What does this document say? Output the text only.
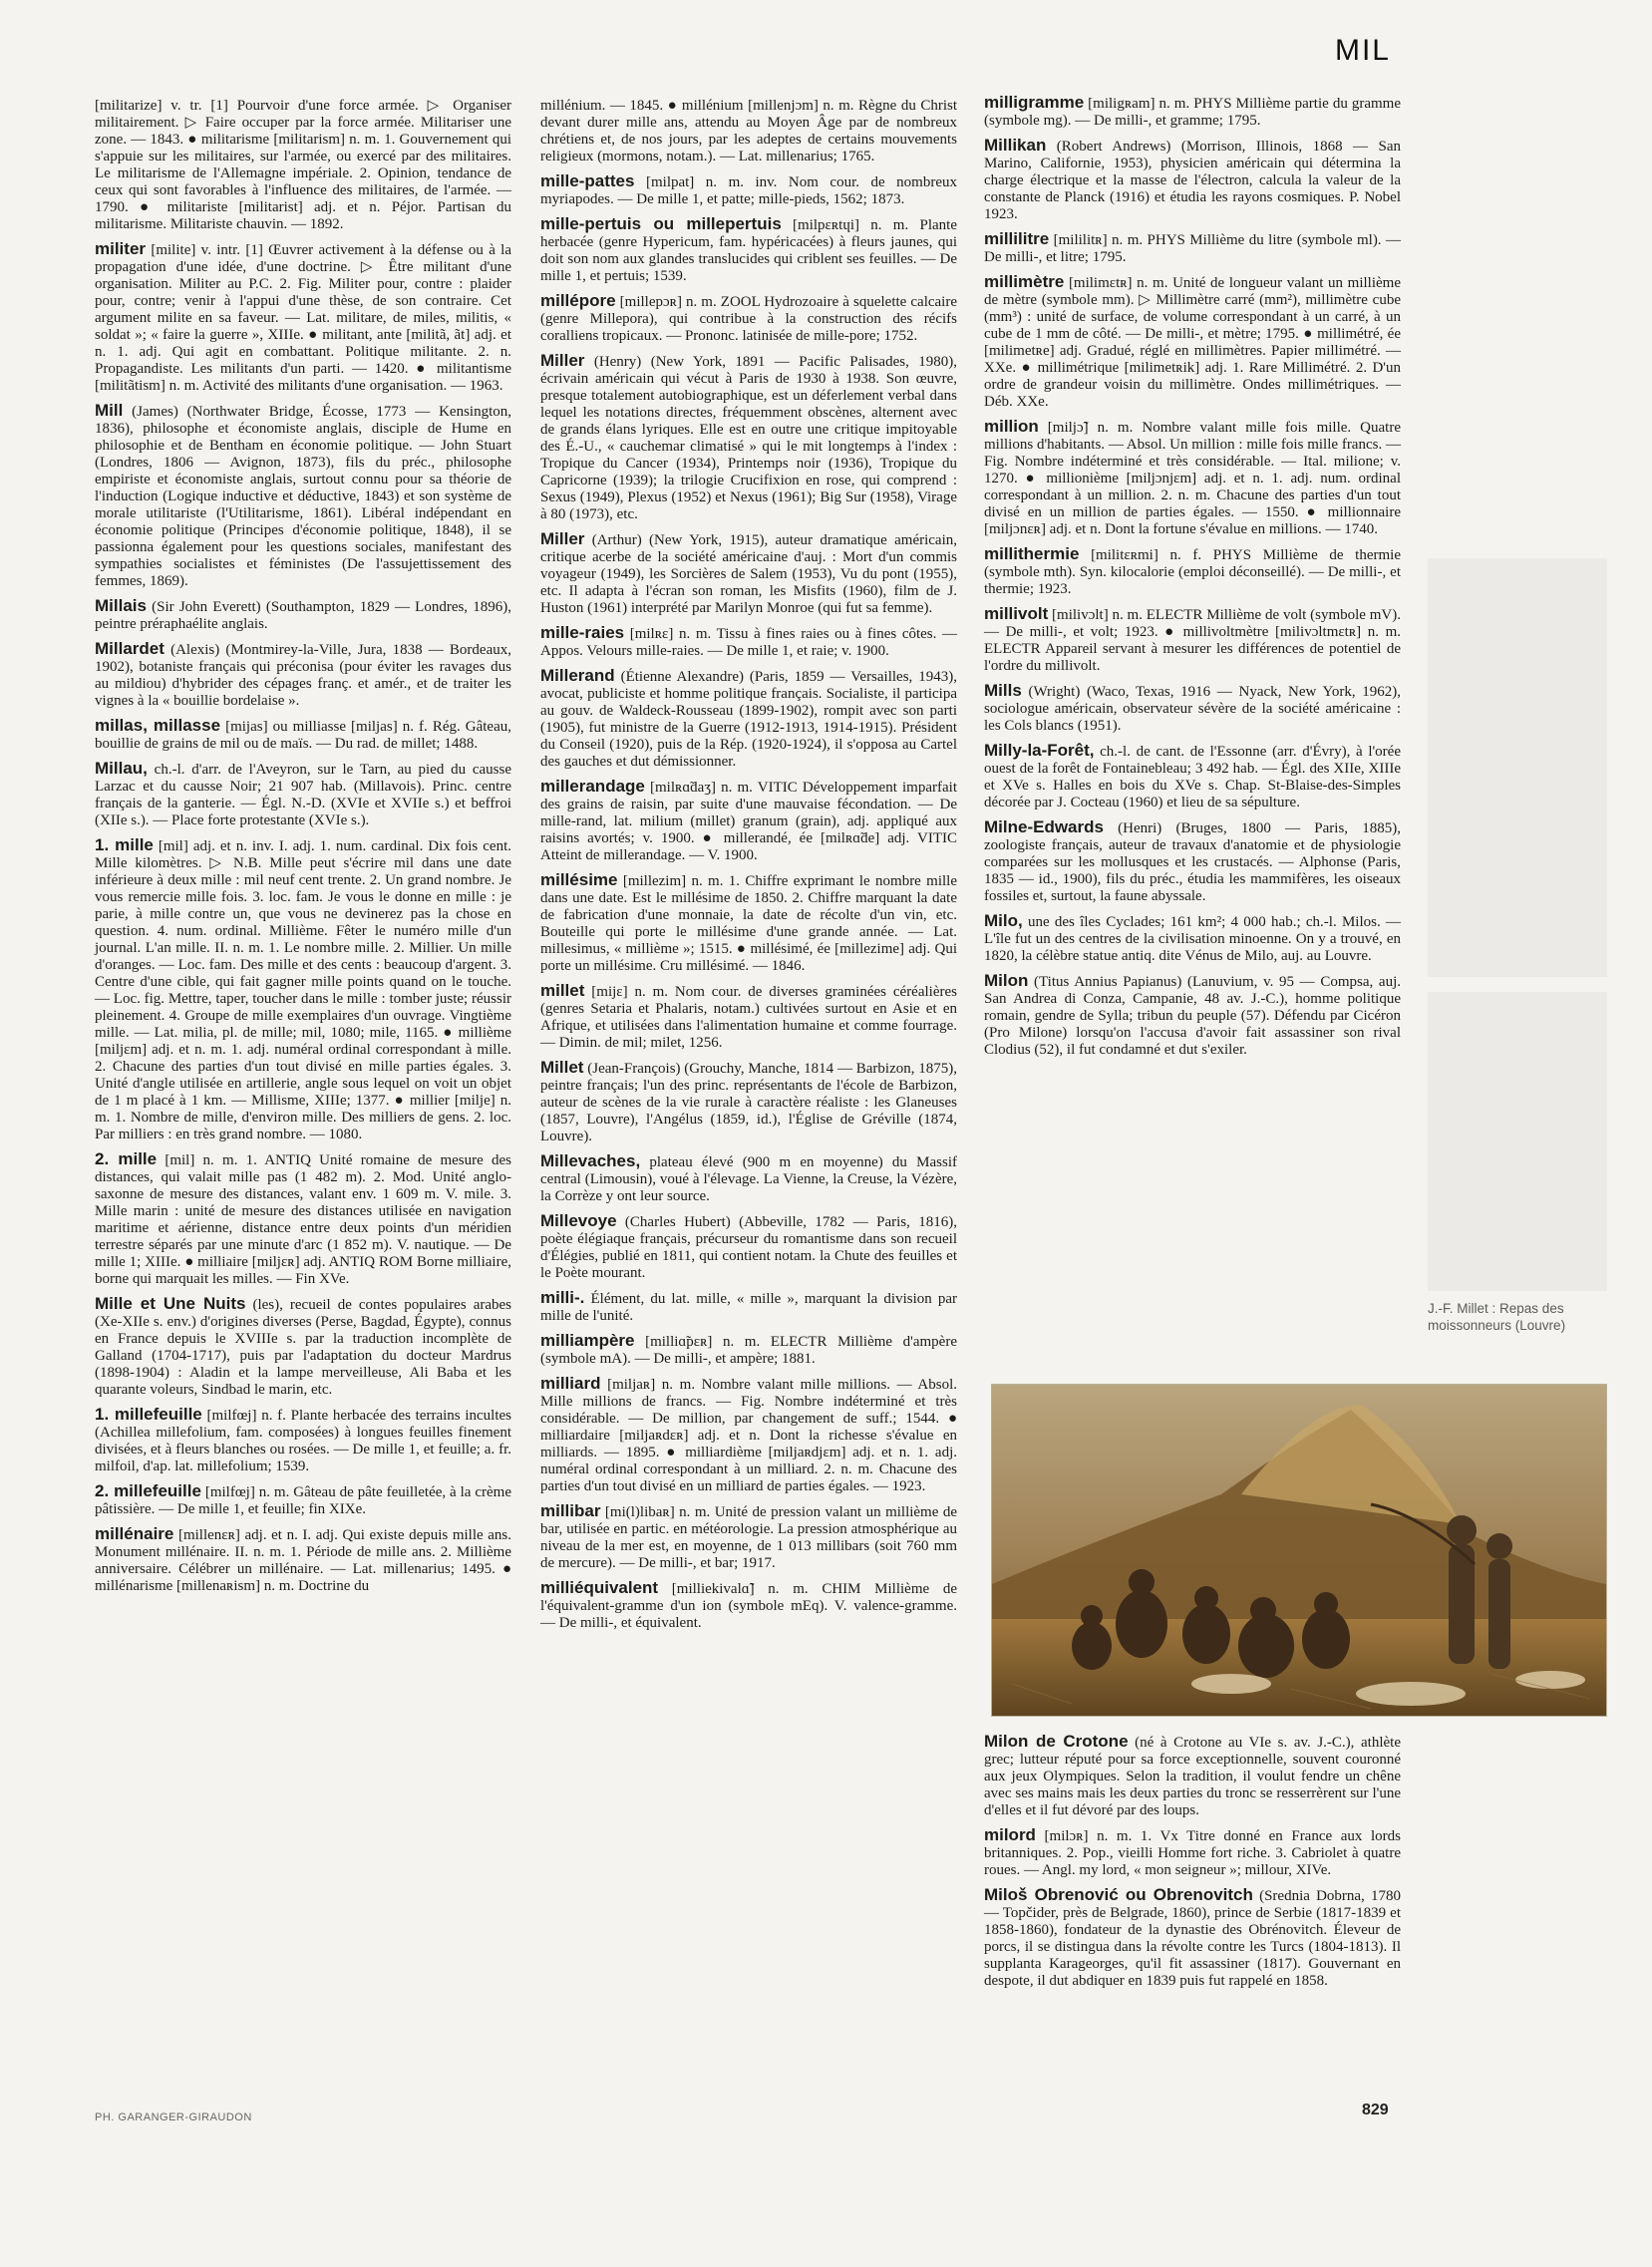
MIL

[militarize] v. tr. [1] Pourvoir d'une force armée. ▷ Organiser militairement. ▷ Faire occuper par la force armée. Militariser une zone. — 1843. ● militarisme [militarism] n. m. 1. Gouvernement qui s'appuie sur les militaires, sur l'armée, ou exercé par des militaires. Le militarisme de l'Allemagne impériale. 2. Opinion, tendance de ceux qui sont favorables à l'influence des militaires, de l'armée. — 1790. ● militariste [militarist] adj. et n. Péjor. Partisan du militarisme. Militariste chauvin. — 1892.

militer [milite] v. intr. [1] Œuvrer activement à la défense ou à la propagation d'une idée, d'une doctrine. ▷ Être militant d'une organisation. Militer au P.C. 2. Fig. Militer pour, contre : plaider pour, contre; venir à l'appui d'une thèse, de son contraire. Cet argument milite en sa faveur. — Lat. militare, de miles, militis, « soldat »; « faire la guerre », XIIIe. ● militant, ante [militã, ãt] adj. et n. 1. adj. Qui agit en combattant. Politique militante. 2. n. Propagandiste. Les militants d'un parti. — 1420. ● militantisme [militãtism] n. m. Activité des militants d'une organisation. — 1963.

Mill (James) (Northwater Bridge, Écosse, 1773 — Kensington, 1836), philosophe et économiste anglais, disciple de Hume en philosophie et de Bentham en économie politique. — John Stuart (Londres, 1806 — Avignon, 1873), fils du préc., philosophe empiriste et économiste anglais, surtout connu pour sa théorie de l'induction (Logique inductive et déductive, 1843) et son système de morale utilitariste (l'Utilitarisme, 1861). Libéral indépendant en économie politique (Principes d'économie politique, 1848), il se passionna également pour les questions sociales, manifestant des sympathies socialistes et féministes (De l'assujettissement des femmes, 1869).

Millais (Sir John Everett) (Southampton, 1829 — Londres, 1896), peintre préraphaélite anglais.

Millardet (Alexis) (Montmirey-la-Ville, Jura, 1838 — Bordeaux, 1902), botaniste français qui préconisa (pour éviter les ravages dus au mildiou) d'hybrider des cépages franç. et amér., et de traiter les vignes à la « bouillie bordelaise ».

millas, millasse [mijas] ou milliasse [miljas] n. f. Rég. Gâteau, bouillie de grains de mil ou de maïs. — Du rad. de millet; 1488.

Millau, ch.-l. d'arr. de l'Aveyron, sur le Tarn, au pied du causse Larzac et du causse Noir; 21 907 hab. (Millavois). Princ. centre français de la ganterie. — Égl. N.-D. (XVIe et XVIIe s.) et beffroi (XIIe s.). — Place forte protestante (XVIe s.).

1. mille [mil] adj. et n. inv. I. adj. 1. num. cardinal. Dix fois cent. Mille kilomètres. ▷ N.B. Mille peut s'écrire mil dans une date inférieure à deux mille : mil neuf cent trente. 2. Un grand nombre. Je vous remercie mille fois. 3. loc. fam. Je vous le donne en mille : je parie, à mille contre un, que vous ne devinerez pas la chose en question. 4. num. ordinal. Millième. Fêter le numéro mille d'un journal. L'an mille. II. n. m. 1. Le nombre mille. 2. Millier. Un mille d'oranges. — Loc. fam. Des mille et des cents : beaucoup d'argent. 3. Centre d'une cible, qui fait gagner mille points quand on le touche. — Loc. fig. Mettre, taper, toucher dans le mille : tomber juste; réussir pleinement. 4. Groupe de mille exemplaires d'un ouvrage. Vingtième mille. — Lat. milia, pl. de mille; mil, 1080; mile, 1165. ● millième [miljɛm] adj. et n. m. 1. adj. numéral ordinal correspondant à mille. 2. Chacune des parties d'un tout divisé en mille parties égales. 3. Unité d'angle utilisée en artillerie, angle sous lequel on voit un objet de 1 m placé à 1 km. — Millisme, XIIIe; 1377. ● millier [milje] n. m. 1. Nombre de mille, d'environ mille. Des milliers de gens. 2. loc. Par milliers : en très grand nombre. — 1080.

2. mille [mil] n. m. 1. ANTIQ Unité romaine de mesure des distances, qui valait mille pas (1 482 m). 2. Mod. Unité anglo-saxonne de mesure des distances, valant env. 1 609 m. V. mile. 3. Mille marin : unité de mesure des distances utilisée en navigation maritime et aérienne, distance entre deux points d'un méridien terrestre séparés par une minute d'arc (1 852 m). V. nautique. — De mille 1; XIIIe. ● milliaire [miljɛʀ] adj. ANTIQ ROM Borne milliaire, borne qui marquait les milles. — Fin XVe.

Mille et Une Nuits (les), recueil de contes populaires arabes (Xe-XIIe s. env.) d'origines diverses (Perse, Bagdad, Égypte), connus en France depuis le XVIIIe s. par la traduction incomplète de Galland (1704-1717), puis par l'adaptation du docteur Mardrus (1898-1904) : Aladin et la lampe merveilleuse, Ali Baba et les quarante voleurs, Sindbad le marin, etc.

1. millefeuille [milfœj] n. f. Plante herbacée des terrains incultes (Achillea millefolium, fam. composées) à longues feuilles finement divisées, et à fleurs blanches ou rosées. — De mille 1, et feuille; a. fr. milfoil, d'ap. lat. millefolium; 1539.

2. millefeuille [milfœj] n. m. Gâteau de pâte feuilletée, à la crème pâtissière. — De mille 1, et feuille; fin XIXe.

millénaire [millenɛʀ] adj. et n. I. adj. Qui existe depuis mille ans. Monument millénaire. II. n. m. 1. Période de mille ans. 2. Millième anniversaire. Célébrer un millénaire. — Lat. millenarius; 1495. ● millénarisme [millenaʀism] n. m. Doctrine du

millénium. — 1845. ● millénium [millenjɔm] n. m. Règne du Christ devant durer mille ans, attendu au Moyen Âge par de nombreux chrétiens et, de nos jours, par les adeptes de certains mouvements religieux (mormons, notam.). — Lat. millenarius; 1765.

mille-pattes [milpat] n. m. inv. Nom cour. de nombreux myriapodes. — De mille 1, et patte; mille-pieds, 1562; 1873.

mille-pertuis ou millepertuis [milpɛʀtɥi] n. m. Plante herbacée (genre Hypericum, fam. hypéricacées) à fleurs jaunes, qui doit son nom aux glandes translucides qui criblent ses feuilles. — De mille 1, et pertuis; 1539.

millépore [millepɔʀ] n. m. ZOOL Hydrozoaire à squelette calcaire (genre Millepora), qui contribue à la construction des récifs coralliens tropicaux. — Prononc. latinisée de mille-pore; 1752.

Miller (Henry) (New York, 1891 — Pacific Palisades, 1980), écrivain américain qui vécut à Paris de 1930 à 1938. Son œuvre, presque totalement autobiographique, est un déferlement verbal dans lequel les notations directes, fréquemment obscènes, alternent avec de grands élans lyriques. Elle est en outre une critique impitoyable des É.-U., « cauchemar climatisé » qui le mit longtemps à l'index : Tropique du Cancer (1934), Printemps noir (1936), Tropique du Capricorne (1939); la trilogie Crucifixion en rose, qui comprend : Sexus (1949), Plexus (1952) et Nexus (1961); Big Sur (1958), Virage à 80 (1973), etc.

Miller (Arthur) (New York, 1915), auteur dramatique américain, critique acerbe de la société américaine d'auj. : Mort d'un commis voyageur (1949), les Sorcières de Salem (1953), Vu du pont (1955), etc. Il adapta à l'écran son roman, les Misfits (1960), film de J. Huston (1961) interprété par Marilyn Monroe (qui fut sa femme).

mille-raies [milʀɛ] n. m. Tissu à fines raies ou à fines côtes. — Appos. Velours mille-raies. — De mille 1, et raie; v. 1900.

Millerand (Étienne Alexandre) (Paris, 1859 — Versailles, 1943), avocat, publiciste et homme politique français. Socialiste, il participa au gouv. de Waldeck-Rousseau (1899-1902), rompit avec son parti (1905), fut ministre de la Guerre (1912-1913, 1914-1915). Président du Conseil (1920), puis de la Rép. (1920-1924), il s'opposa au Cartel des gauches et dut démissionner.

millerandage [milʀɑ̃daʒ] n. m. VITIC Développement imparfait des grains de raisin, par suite d'une mauvaise fécondation. — De mille-rand, lat. milium (millet) granum (grain), adj. appliqué aux raisins avortés; v. 1900. ● millerandé, ée [milʀɑ̃de] adj. VITIC Atteint de millerandage. — V. 1900.

millésime [millezim] n. m. 1. Chiffre exprimant le nombre mille dans une date. Est le millésime de 1850. 2. Chiffre marquant la date de fabrication d'une monnaie, la date de récolte d'un vin, etc. Bouteille qui porte le millésime d'une grande année. — Lat. millesimus, « millième »; 1515. ● millésimé, ée [millezime] adj. Qui porte un millésime. Cru millésimé. — 1846.

millet [mijɛ] n. m. Nom cour. de diverses graminées céréalières (genres Setaria et Phalaris, notam.) cultivées surtout en Asie et en Afrique, et utilisées dans l'alimentation humaine et comme fourrage. — Dimin. de mil; milet, 1256.

Millet (Jean-François) (Grouchy, Manche, 1814 — Barbizon, 1875), peintre français; l'un des princ. représentants de l'école de Barbizon, auteur de scènes de la vie rurale à caractère réaliste : les Glaneuses (1857, Louvre), l'Angélus (1859, id.), l'Église de Gréville (1874, Louvre).

Millevaches, plateau élevé (900 m en moyenne) du Massif central (Limousin), voué à l'élevage. La Vienne, la Creuse, la Vézère, la Corrèze y ont leur source.

Millevoye (Charles Hubert) (Abbeville, 1782 — Paris, 1816), poète élégiaque français, précurseur du romantisme dans son recueil d'Élégies, publié en 1811, qui contient notam. la Chute des feuilles et le Poète mourant.

milli-. Élément, du lat. mille, « mille », marquant la division par mille de l'unité.

milliampère [milliɑ̃pɛʀ] n. m. ELECTR Millième d'ampère (symbole mA). — De milli-, et ampère; 1881.

milliard [miljaʀ] n. m. Nombre valant mille millions. — Absol. Mille millions de francs. — Fig. Nombre indéterminé et très considérable. — De million, par changement de suff.; 1544. ● milliardaire [miljaʀdɛʀ] adj. et n. Dont la richesse s'évalue en milliards. — 1895. ● milliardième [miljaʀdjɛm] adj. et n. 1. adj. numéral ordinal correspondant à un milliard. 2. n. m. Chacune des parties d'un tout divisé en un milliard de parties égales. — 1923.

millibar [mi(l)libaʀ] n. m. Unité de pression valant un millième de bar, utilisée en partic. en météorologie. La pression atmosphérique au niveau de la mer est, en moyenne, de 1 013 millibars (soit 760 mm de mercure). — De milli-, et bar; 1917.

milliéquivalent [milliekivalɑ̃] n. m. CHIM Millième de l'équivalent-gramme d'un ion (symbole mEq). V. valence-gramme. — De milli-, et équivalent.

milligramme [miligʀam] n. m. PHYS Millième partie du gramme (symbole mg). — De milli-, et gramme; 1795.

Millikan (Robert Andrews) (Morrison, Illinois, 1868 — San Marino, Californie, 1953), physicien américain qui détermina la charge électrique et la masse de l'électron, calcula la valeur de la constante de Planck (1916) et étudia les rayons cosmiques. P. Nobel 1923.

millilitre [mililitʀ] n. m. PHYS Millième du litre (symbole ml). — De milli-, et litre; 1795.

millimètre [milimɛtʀ] n. m. Unité de longueur valant un millième de mètre (symbole mm). ▷ Millimètre carré (mm²), millimètre cube (mm³) : unité de surface, de volume correspondant à un carré, à un cube de 1 mm de côté. — De milli-, et mètre; 1795. ● millimétré, ée [milimetʀe] adj. Gradué, réglé en millimètres. Papier millimétré. — XXe. ● millimétrique [milimetʀik] adj. 1. Rare Millimétré. 2. D'un ordre de grandeur voisin du millimètre. Ondes millimétriques. — Déb. XXe.

million [miljɔ̃] n. m. Nombre valant mille fois mille. Quatre millions d'habitants. — Absol. Un million : mille fois mille francs. — Fig. Nombre indéterminé et très considérable. — Ital. milione; v. 1270. ● millionième [miljɔnjɛm] adj. et n. 1. adj. num. ordinal correspondant à un million. 2. n. m. Chacune des parties d'un tout divisé en un million de parties égales. — 1550. ● millionnaire [miljɔnɛʀ] adj. et n. Dont la fortune s'évalue en millions. — 1740.

millithermie [militɛʀmi] n. f. PHYS Millième de thermie (symbole mth). Syn. kilocalorie (emploi déconseillé). — De milli-, et thermie; 1923.

millivolt [milivɔlt] n. m. ELECTR Millième de volt (symbole mV). — De milli-, et volt; 1923. ● millivoltmètre [milivɔltmɛtʀ] n. m. ELECTR Appareil servant à mesurer les différences de potentiel de l'ordre du millivolt.

Mills (Wright) (Waco, Texas, 1916 — Nyack, New York, 1962), sociologue américain, observateur sévère de la société américaine : les Cols blancs (1951).

Milly-la-Forêt, ch.-l. de cant. de l'Essonne (arr. d'Évry), à l'orée ouest de la forêt de Fontainebleau; 3 492 hab. — Égl. des XIIe, XIIIe et XVe s. Halles en bois du XVe s. Chap. St-Blaise-des-Simples décorée par J. Cocteau (1960) et lieu de sa sépulture.

Milne-Edwards (Henri) (Bruges, 1800 — Paris, 1885), zoologiste français, auteur de travaux d'anatomie et de physiologie comparées sur les mollusques et les crustacés. — Alphonse (Paris, 1835 — id., 1900), fils du préc., étudia les mammifères, les oiseaux fossiles et, surtout, la faune abyssale.

Milo, une des îles Cyclades; 161 km²; 4 000 hab.; ch.-l. Milos. — L'île fut un des centres de la civilisation minoenne. On y a trouvé, en 1820, la célèbre statue antiq. dite Vénus de Milo, auj. au Louvre.

Milon (Titus Annius Papianus) (Lanuvium, v. 95 — Compsa, auj. San Andrea di Conza, Campanie, 48 av. J.-C.), homme politique romain, gendre de Sylla; tribun du peuple (57). Défendu par Cicéron (Pro Milone) lorsqu'on l'accusa d'avoir fait assassiner son rival Clodius (52), il fut condamné et dut s'exiler.

J.-F. Millet : Repas des moissonneurs (Louvre)

Milon de Crotone (né à Crotone au VIe s. av. J.-C.), athlète grec; lutteur réputé pour sa force exceptionnelle, souvent couronné aux jeux Olympiques. Selon la tradition, il voulut fendre un chêne avec ses mains mais les deux parties du tronc se resserrèrent sur l'une d'elles et il fut dévoré par des loups.

milord [milɔʀ] n. m. 1. Vx Titre donné en France aux lords britanniques. 2. Pop., vieilli Homme fort riche. 3. Cabriolet à quatre roues. — Angl. my lord, « mon seigneur »; millour, XIVe.

Miloš Obrenović ou Obrenovitch (Srednia Dobrna, 1780 — Topčider, près de Belgrade, 1860), prince de Serbie (1817-1839 et 1858-1860), fondateur de la dynastie des Obrénovitch. Éleveur de porcs, il se distingua dans la révolte contre les Turcs (1804-1813). Il supplanta Karageorges, qu'il fit assassiner (1817). Gouvernant en despote, il dut abdiquer en 1839 puis fut rappelé en 1858.

PH. GARANGER-GIRAUDON	829
